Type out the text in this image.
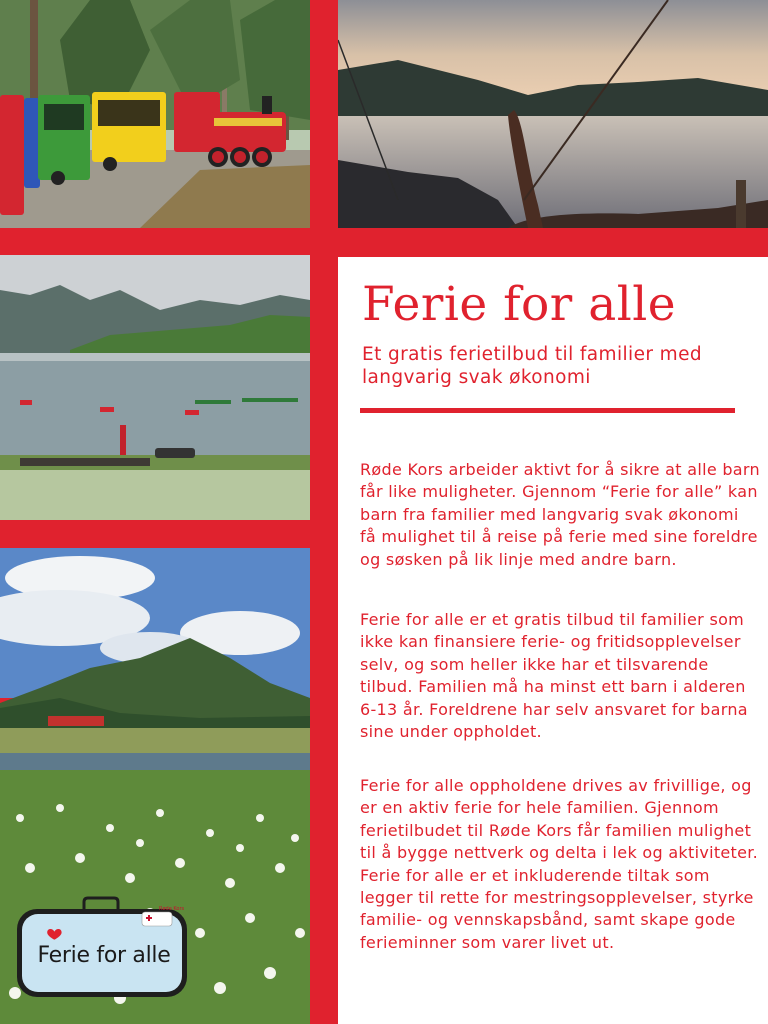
Røde Kors
Ferie for alle
Ferie for alle

Et gratis ferietilbud til familier med langvarig svak økonomi

Røde Kors arbeider aktivt for å sikre at alle barn får like muligheter. Gjennom “Ferie for alle” kan barn fra familier med langvarig svak økonomi få mulighet til å reise på ferie med sine foreldre og søsken på lik linje med andre barn.

Ferie for alle er et gratis tilbud til familier som ikke kan finansiere ferie- og fritidsopplevelser selv, og som heller ikke har et tilsvarende tilbud. Familien må ha minst ett barn i alderen 6-13 år. Foreldrene har selv ansvaret for barna sine under oppholdet.

Ferie for alle oppholdene drives av frivillige, og er en aktiv ferie for hele familien. Gjennom ferietilbudet til Røde Kors får familien mulighet til å bygge nettverk og delta i lek og aktiviteter. Ferie for alle er et inkluderende tiltak som legger til rette for mestringsopplevelser, styrke familie- og vennskapsbånd, samt skape gode ferieminner som varer livet ut.
